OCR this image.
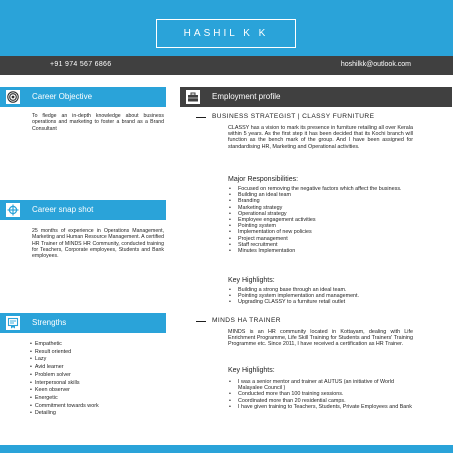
HASHIL K K
+91 974 567 6866	hoshilkk@outlook.com
Career Objective
To fledge an in-depth knowledge about business operations and marketing to foster a brand as a Brand Consultant
Career snap shot
25 months of experience in Operations Management, Marketing and Human Resource Management. A certified HR Trainer of MINDS HR Community, conducted training for Teachers, Corporate employees, Students and Bank employees.
Strengths
• Empathetic
• Result oriented
• Lazy
• Avid learner
• Problem solver
• Interpersonal skills
• Keen observer
• Energetic
• Commitment towards work
• Detailing
Employment profile
BUSINESS STRATEGIST | CLASSY FURNITURE
CLASSY has a vision to mark its presence in furniture retailing all over Kerala within 5 years. As the first step it has been decided that its Kochi branch will function as the bench mark of the group. And I have been assigned for standardising HR, Marketing and Operational activities.
Major Responsibilities:
• Focused on removing the negative factors which affect the business.
• Building an ideal team
• Branding
• Marketing strategy
• Operational strategy
• Employee engagement activities
• Pointing system
• Implementation of new policies
• Project management
• Staff recruitment
• Minutes Implementation
Key Highlights:
• Building a strong base through an ideal team.
• Pointing system implementation and management.
• Upgrading CLASSY to a furniture retail outlet
MINDS HA TRAINER
MINDS is an HR community located in Kottayam, dealing with Life Enrichment Programme, Life Skill Training for Students and Trainers' Training Programme etc. Since 2011, I have received a certification as HR Trainer.
Key Highlights:
• I was a senior mentor and trainer at AUTUS (an initiative of World Malayalee Council )
• Conducted more than 100 training sessions.
• Coordinated more than 20 residential camps.
• I have given training to Teachers, Students, Private Employees and Bank
